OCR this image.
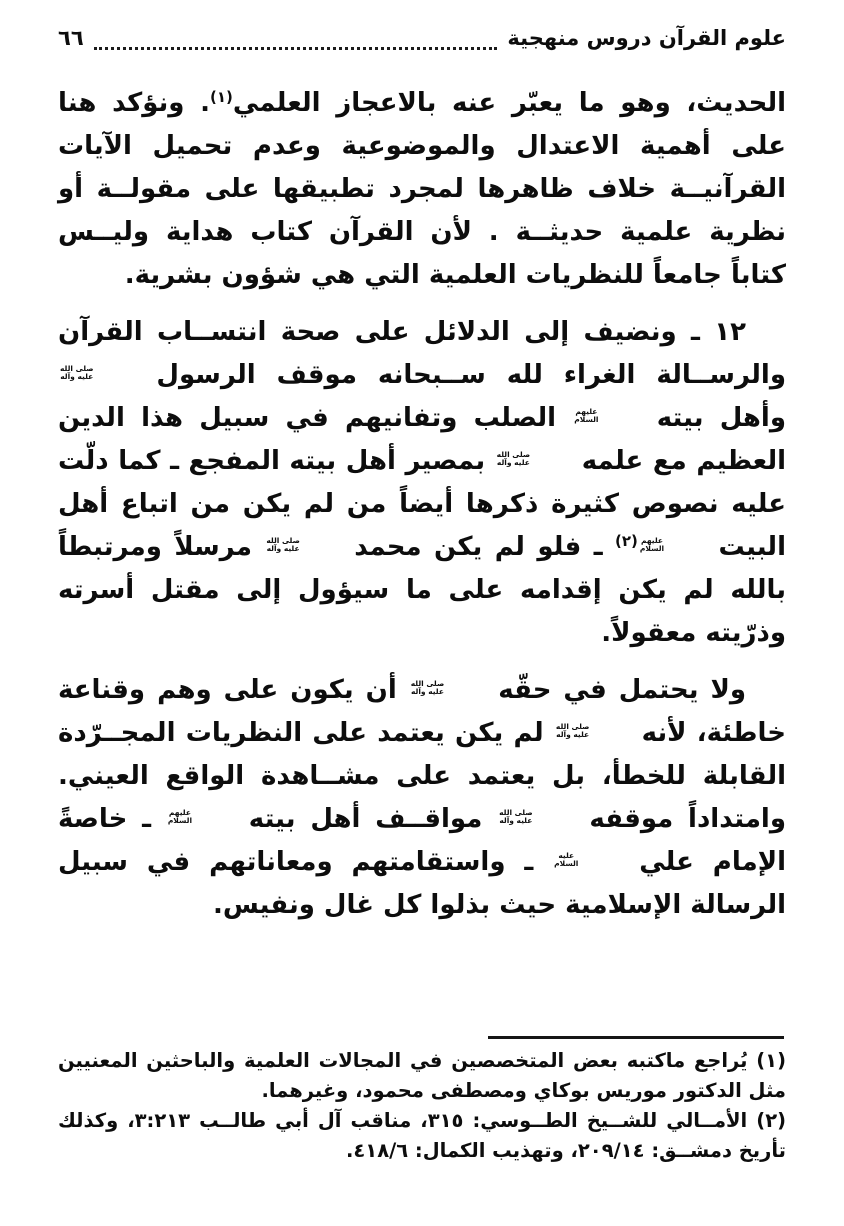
علوم القرآن دروس منهجية
٦٦

الحديث، وهو ما يعبّر عنه بالاعجاز العلمي$^{(١)}$. ونؤكد هنا على أهمية الاعتدال والموضوعية وعدم تحميل الآيات القرآنيــة خلاف ظاهرها لمجرد تطبيقها على مقولــة أو نظرية علمية حديثــة . لأن القرآن كتاب هداية وليــس كتاباً جامعاً للنظريات العلمية التي هي شؤون بشرية.

١٢ ـ ونضيف إلى الدلائل على صحة انتســاب القرآن والرســالة الغراء لله ســبحانه موقف الرسول
صلى الله
عليه وآله
وأهل بيته
عليهم
السلام
الصلب وتفانيهم في سبيل هذا الدين العظيم مع علمه
صلى الله
عليه وآله
بمصير أهل بيته المفجع ـ كما دلّت عليه نصوص كثيرة ذكرها أيضاً من لم يكن من اتباع أهل البيت
عليهم
السلام
$^{(٢)}$ ـ فلو لم يكن محمد
صلى الله
عليه وآله
مرسلاً ومرتبطاً بالله لم يكن إقدامه على ما سيؤول إلى مقتل أسرته وذرّيته معقولاً.

ولا يحتمل في حقّه
صلى الله
عليه وآله
أن يكون على وهم وقناعة خاطئة، لأنه
صلى الله
عليه وآله
لم يكن يعتمد على النظريات المجــرّدة القابلة للخطأ، بل يعتمد على مشــاهدة الواقع العيني. وامتداداً موقفه
صلى الله
عليه وآله
مواقــف أهل بيته
عليهم
السلام
ـ خاصةً الإمام علي
عليه
السلام
ـ واستقامتهم ومعاناتهم في سبيل الرسالة الإسلامية حيث بذلوا كل غال ونفيس.

(١) يُراجع ماكتبه بعض المتخصصين في المجالات العلمية والباحثين المعنيين مثل الدكتور موريس بوكاي ومصطفى محمود، وغيرهما.

(٢) الأمــالي للشــيخ الطــوسي: ٣١٥، مناقب آل أبي طالــب ٣:٢١٣، وكذلك تأريخ دمشــق: ٢٠٩/١٤، وتهذيب الكمال: ٤١٨/٦.
